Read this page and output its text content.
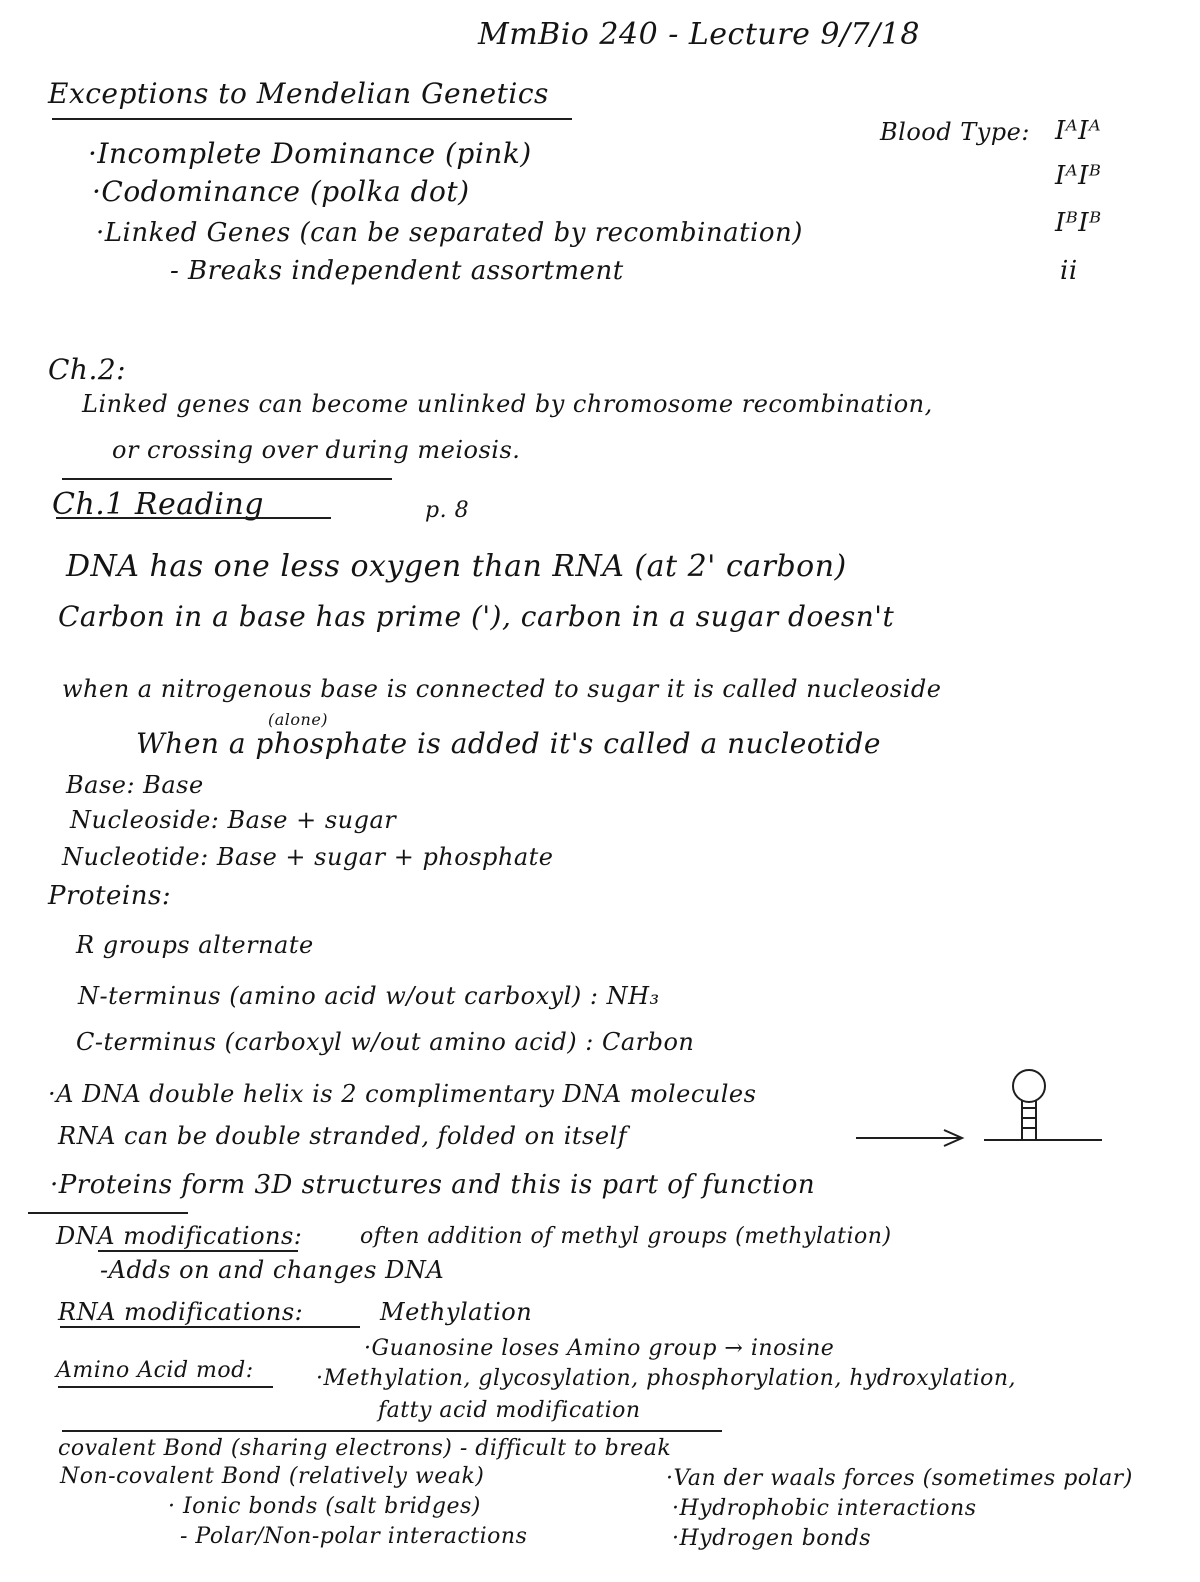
MmBio 240 - Lecture 9/7/18
Exceptions to Mendelian Genetics
·Incomplete Dominance (pink)
·Codominance (polka dot)
·Linked Genes (can be separated by recombination)
- Breaks independent assortment
Blood Type: IᴬIᴬ
IᴬIᴮ
IᴮIᴮ
ii
Ch.2:
Linked genes can become unlinked by chromosome recombination,
or crossing over during meiosis.
Ch.1 Reading	p. 8
DNA has one less oxygen than RNA (at 2' carbon)
Carbon in a base has prime ('), carbon in a sugar doesn't
when a nitrogenous base is connected to sugar it is called nucleoside
(alone)
When a phosphate is added it's called a nucleotide
Base: Base
Nucleoside: Base + sugar
Nucleotide: Base + sugar + phosphate
Proteins:
R groups alternate
N-terminus (amino acid w/out carboxyl) : NH₃
C-terminus (carboxyl w/out amino acid) : Carbon
·A DNA double helix is 2 complimentary DNA molecules
RNA can be double stranded, folded on itself
·Proteins form 3D structures and this is part of function
DNA modifications:	often addition of methyl groups (methylation)
-Adds on and changes DNA
RNA modifications:	Methylation
·Guanosine loses Amino group → inosine
Amino Acid mod:	·Methylation, glycosylation, phosphorylation, hydroxylation,
fatty acid modification
covalent Bond (sharing electrons) - difficult to break
Non-covalent Bond (relatively weak)
· Ionic bonds (salt bridges)
- Polar/Non-polar interactions
·Van der waals forces (sometimes polar)
·Hydrophobic interactions
·Hydrogen bonds
